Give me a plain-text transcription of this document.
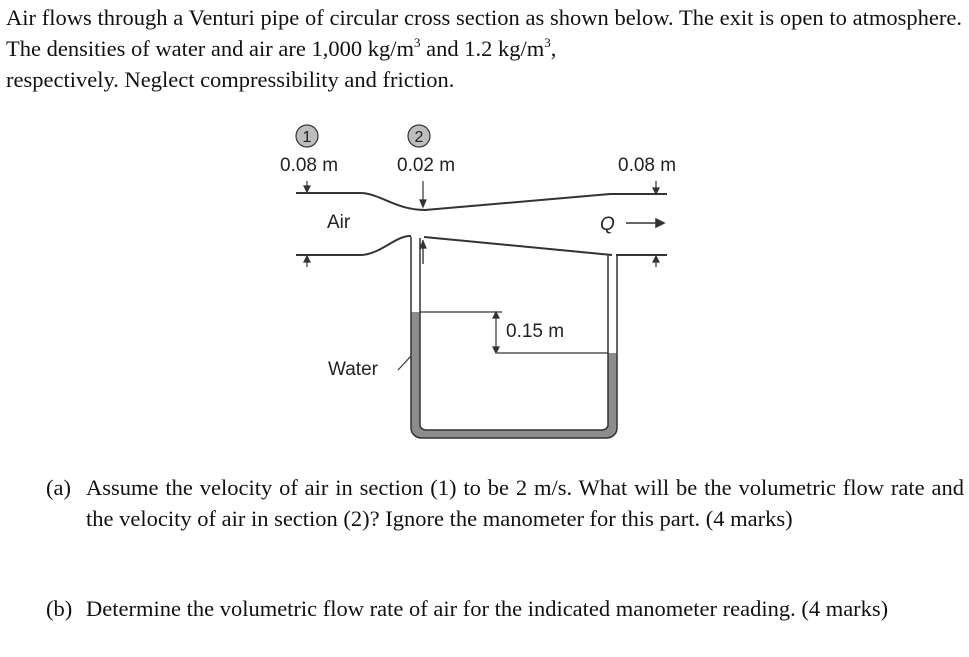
Air flows through a Venturi pipe of circular cross section as shown below. The exit is open to atmosphere. The densities of water and air are 1,000 $kg/m^3$ and 1.2 $kg/m^3$,
respectively. Neglect compressibility and friction.
1	2
0.08 m	0.02 m	0.08 m
Air	Q
0.15 m
Water
(a) Assume the velocity of air in section (1) to be 2 m/s. What will be the volumetric flow rate and the velocity of air in section (2)? Ignore the manometer for this part. (4 marks)
(b) Determine the volumetric flow rate of air for the indicated manometer reading. (4 marks)
